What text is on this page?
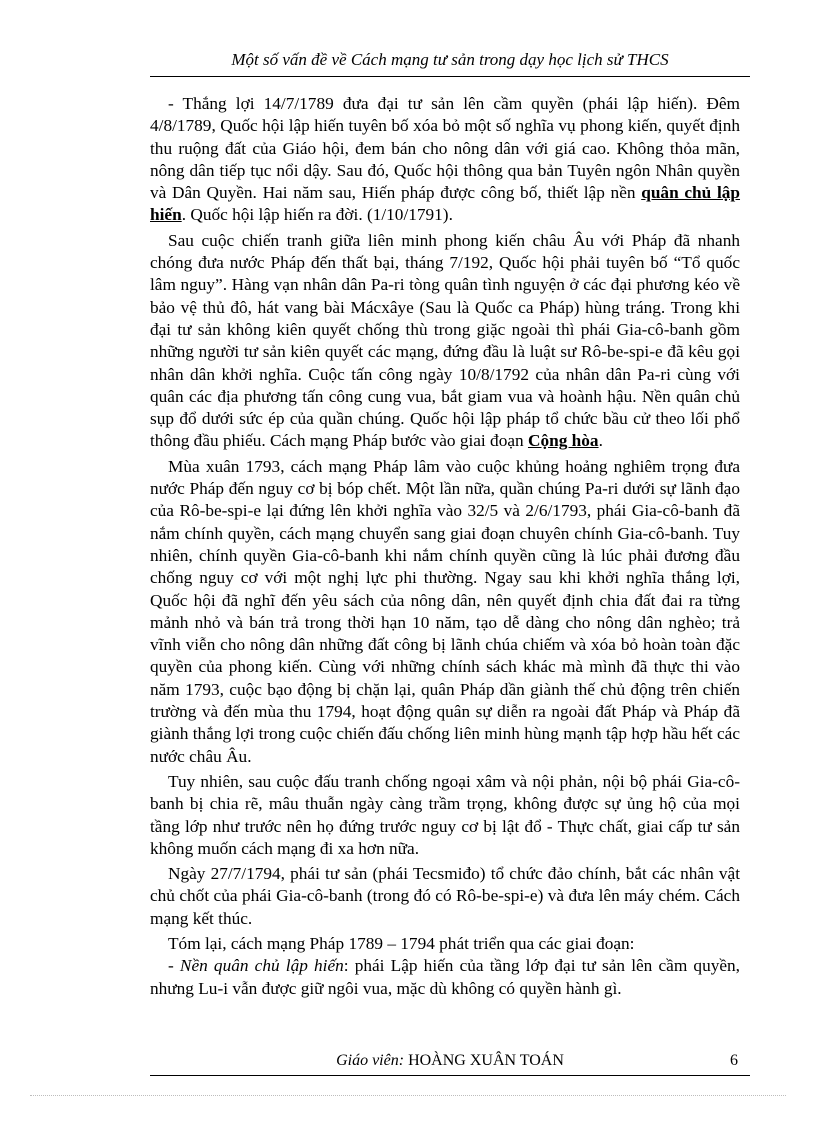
Một số vấn đề về Cách mạng tư sản trong dạy học lịch sử THCS

- Thắng lợi 14/7/1789 đưa đại tư sản lên cầm quyền (phái lập hiến). Đêm 4/8/1789, Quốc hội lập hiến tuyên bố xóa bỏ một số nghĩa vụ phong kiến, quyết định thu ruộng đất của Giáo hội, đem bán cho nông dân với giá cao. Không thỏa mãn, nông dân tiếp tục nổi dậy. Sau đó, Quốc hội thông qua bản Tuyên ngôn Nhân quyền và Dân Quyền. Hai năm sau, Hiến pháp được công bố, thiết lập nền quân chủ lập hiến. Quốc hội lập hiến ra đời. (1/10/1791).

Sau cuộc chiến tranh giữa liên minh phong kiến châu Âu với Pháp đã nhanh chóng đưa nước Pháp đến thất bại, tháng 7/192, Quốc hội phải tuyên bố “Tổ quốc lâm nguy”. Hàng vạn nhân dân Pa-ri tòng quân tình nguyện ở các đại phương kéo về bảo vệ thủ đô, hát vang bài Mácxâye (Sau là Quốc ca Pháp) hùng tráng. Trong khi đại tư sản không kiên quyết chống thù trong giặc ngoài thì phái Gia-cô-banh gồm những người tư sản kiên quyết các mạng, đứng đầu là luật sư Rô-be-spi-e đã kêu gọi nhân dân khởi nghĩa. Cuộc tấn công ngày 10/8/1792 của nhân dân Pa-ri cùng với quân các địa phương tấn công cung vua, bắt giam vua và hoành hậu. Nền quân chủ sụp đổ dưới sức ép của quần chúng. Quốc hội lập pháp tổ chức bầu cử theo lối phổ thông đầu phiếu. Cách mạng Pháp bước vào giai đoạn Cộng hòa.

Mùa xuân 1793, cách mạng Pháp lâm vào cuộc khủng hoảng nghiêm trọng đưa nước Pháp đến nguy cơ bị bóp chết. Một lần nữa, quần chúng Pa-ri dưới sự lãnh đạo của Rô-be-spi-e lại đứng lên khởi nghĩa vào 32/5 và 2/6/1793, phái Gia-cô-banh đã nắm chính quyền, cách mạng chuyển sang giai đoạn chuyên chính Gia-cô-banh. Tuy nhiên, chính quyền Gia-cô-banh khi nắm chính quyền cũng là lúc phải đương đầu chống nguy cơ với một nghị lực phi thường. Ngay sau khi khởi nghĩa thắng lợi, Quốc hội đã nghĩ đến yêu sách của nông dân, nên quyết định chia đất đai ra từng mảnh nhỏ và bán trả trong thời hạn 10 năm, tạo dễ dàng cho nông dân nghèo; trả vĩnh viễn cho nông dân những đất công bị lãnh chúa chiếm và xóa bỏ hoàn toàn đặc quyền của phong kiến. Cùng với những chính sách khác mà mình đã thực thi vào năm 1793, cuộc bạo động bị chặn lại, quân Pháp dần giành thế chủ động trên chiến trường và đến mùa thu 1794, hoạt động quân sự diễn ra ngoài đất Pháp và Pháp đã giành thắng lợi trong cuộc chiến đấu chống liên minh hùng mạnh tập hợp hầu hết các nước châu Âu.

Tuy nhiên, sau cuộc đấu tranh chống ngoại xâm và nội phản, nội bộ phái Gia-cô-banh bị chia rẽ, mâu thuẫn ngày càng trầm trọng, không được sự ủng hộ của mọi tầng lớp như trước nên họ đứng trước nguy cơ bị lật đổ - Thực chất, giai cấp tư sản không muốn cách mạng đi xa hơn nữa.

Ngày 27/7/1794, phái tư sản (phái Tecsmiđo) tổ chức đảo chính, bắt các nhân vật chủ chốt của phái Gia-cô-banh (trong đó có Rô-be-spi-e) và đưa lên máy chém. Cách mạng kết thúc.

Tóm lại, cách mạng Pháp 1789 – 1794 phát triển qua các giai đoạn:

- Nền quân chủ lập hiến: phái Lập hiến của tầng lớp đại tư sản lên cầm quyền, nhưng Lu-i vẫn được giữ ngôi vua, mặc dù không có quyền hành gì.

Giáo viên: HOÀNG XUÂN TOÁN	6
